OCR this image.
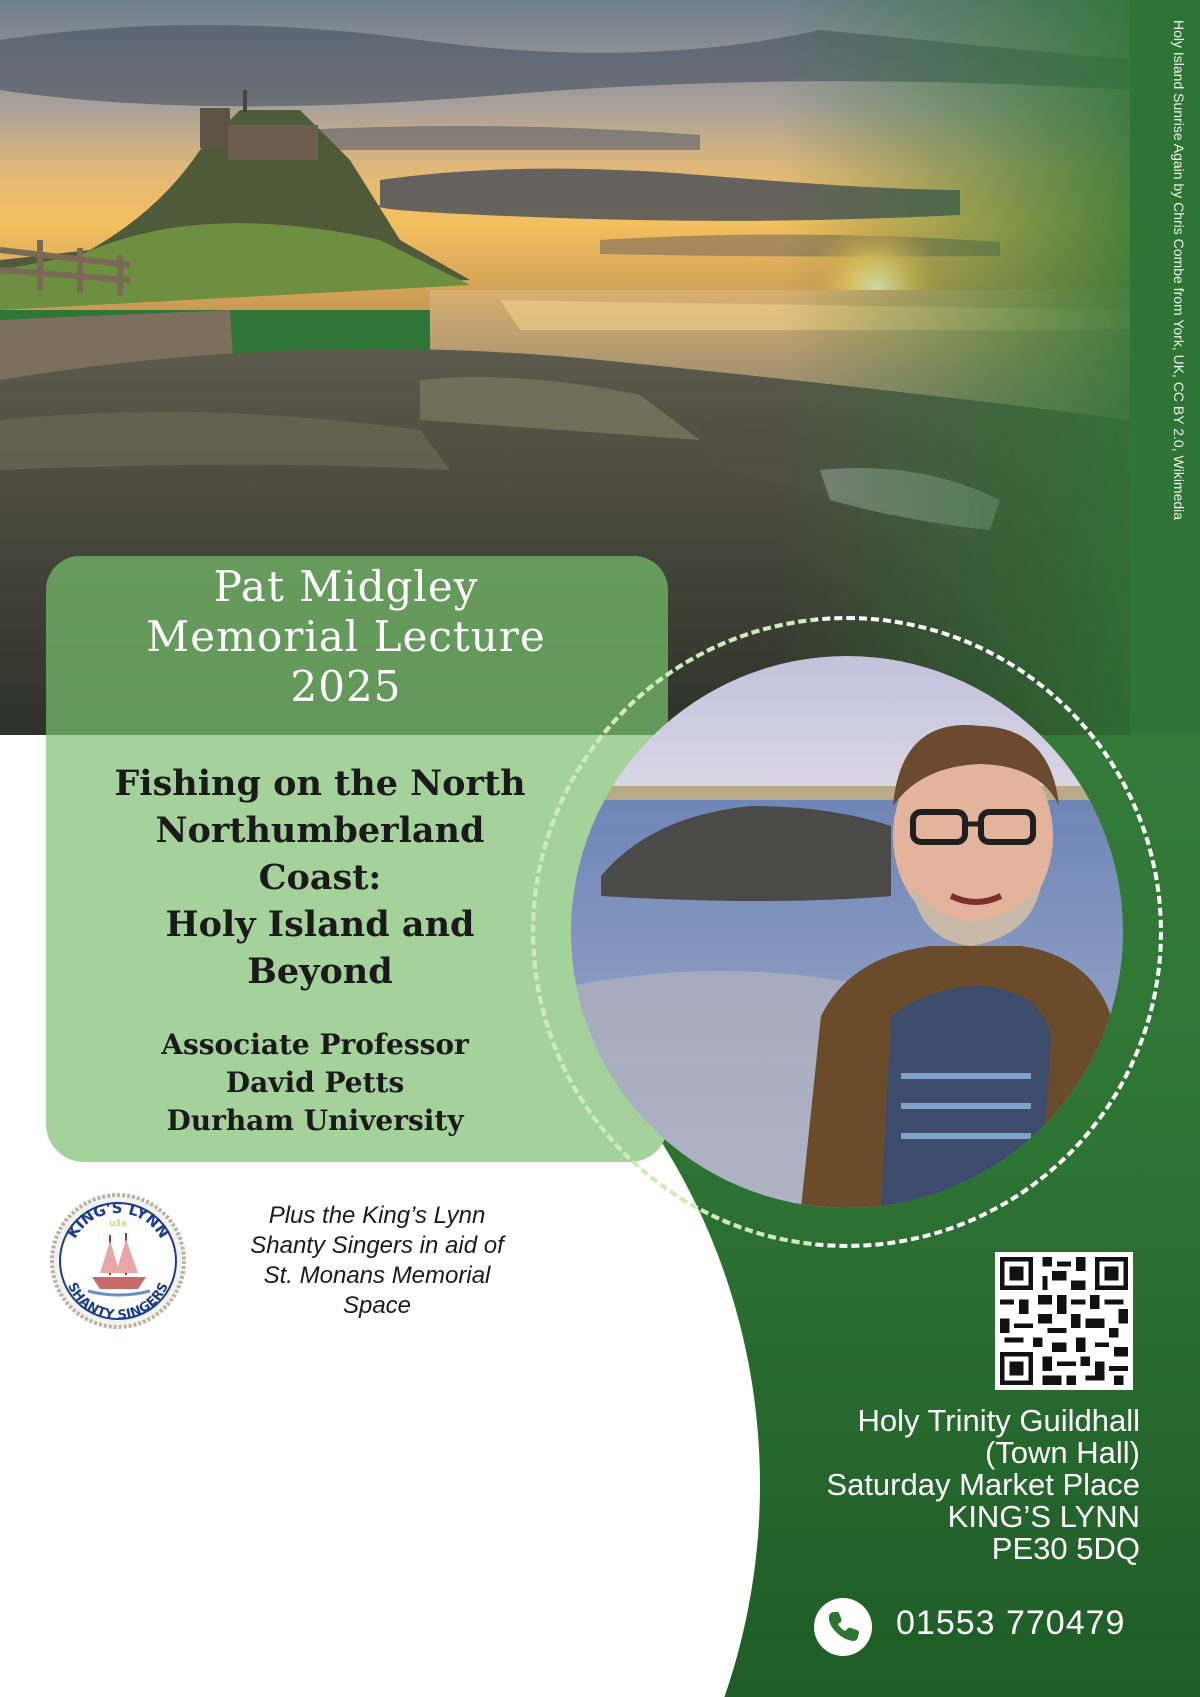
Holy Island Sunrise Again by Chris Combe from York, UK, CC BY 2.0, Wikimedia
Pat Midgley
Memorial Lecture
2025
Fishing on the North
Northumberland
Coast:
Holy Island and
Beyond
Associate Professor
David Petts
Durham University
KING'S LYNN
SHANTY SINGERS
u3a	Plus the King’s Lynn
Shanty Singers in aid of
St. Monans Memorial
Space
Wednesday 19th November, 6-8.30pm
£10
Proceedings to True’s Yard Fisherfolk Museum
and St. Monans Memorial Garden Project
Holy Trinity Guildhall
(Town Hall)
Saturday Market Place
KING’S LYNN
PE30 5DQ
01553 770479
